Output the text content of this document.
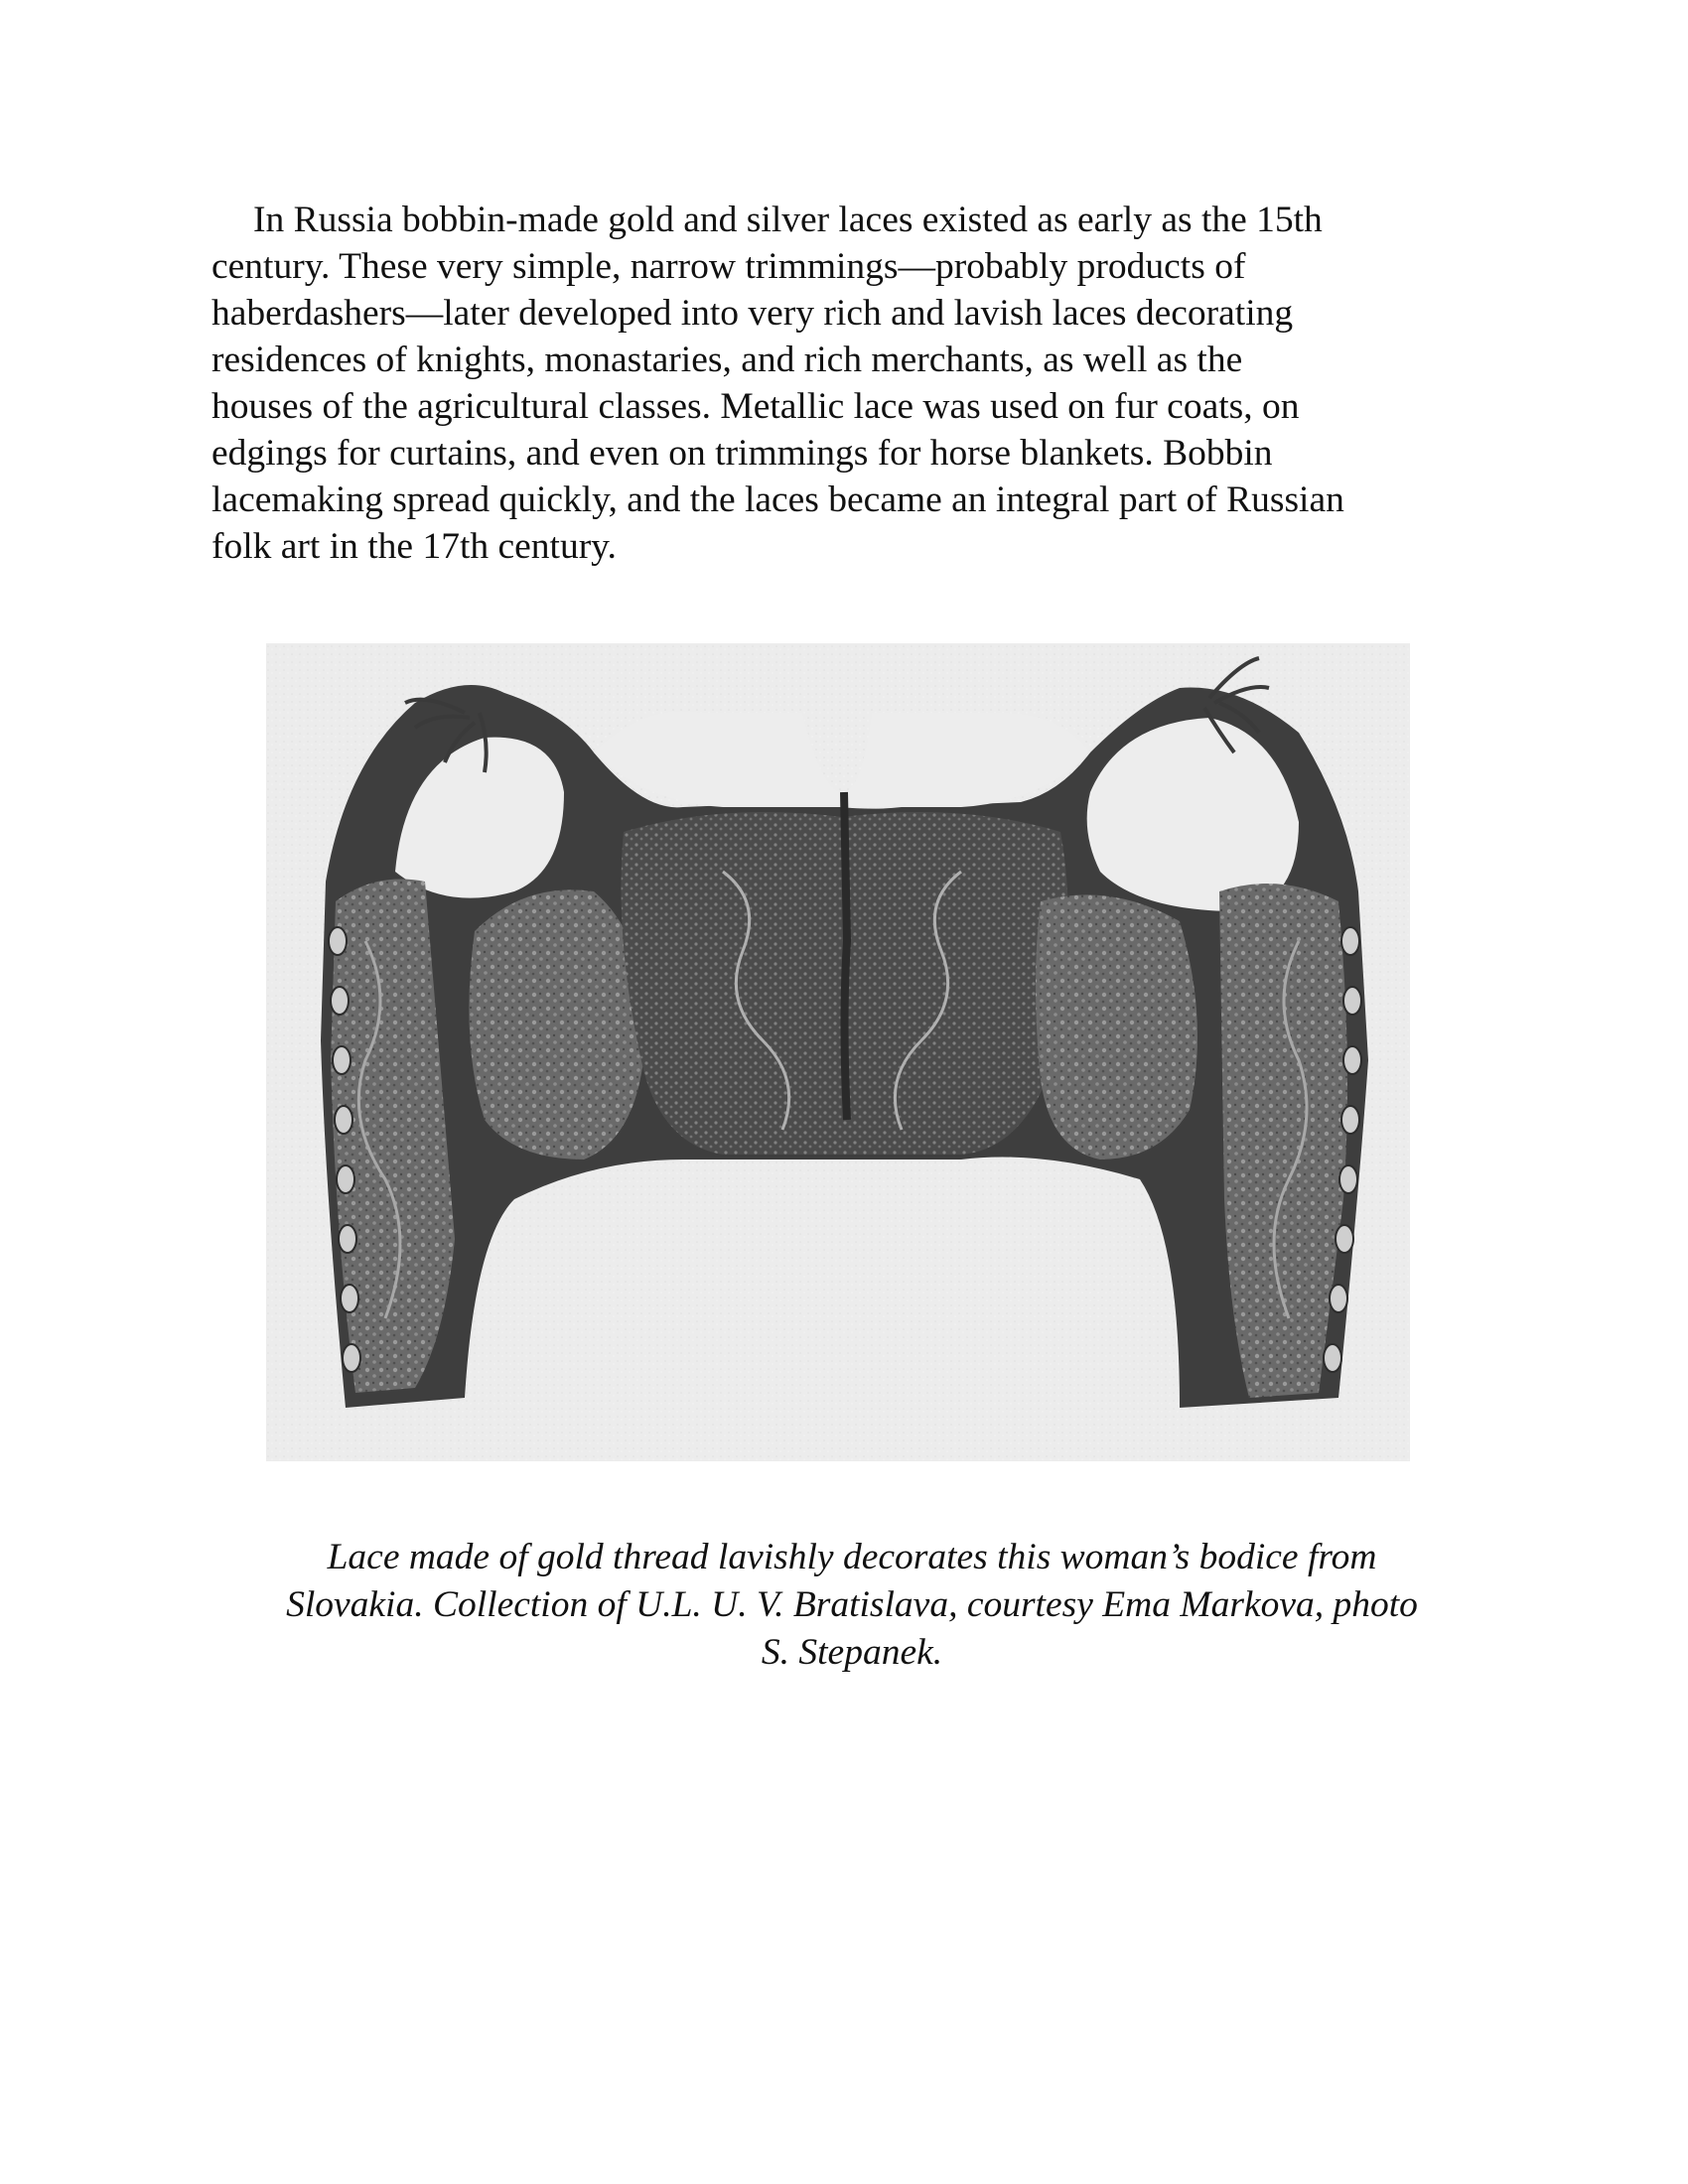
In Russia bobbin-made gold and silver laces existed as early as the 15th
century. These very simple, narrow trimmings—probably products of
haberdashers—later developed into very rich and lavish laces decorating
residences of knights, monastaries, and rich merchants, as well as the
houses of the agricultural classes. Metallic lace was used on fur coats, on
edgings for curtains, and even on trimmings for horse blankets. Bobbin
lacemaking spread quickly, and the laces became an integral part of Russian
folk art in the 17th century.
Lace made of gold thread lavishly decorates this woman’s bodice from
Slovakia. Collection of U.L. U. V. Bratislava, courtesy Ema Markova, photo
S. Stepanek.
